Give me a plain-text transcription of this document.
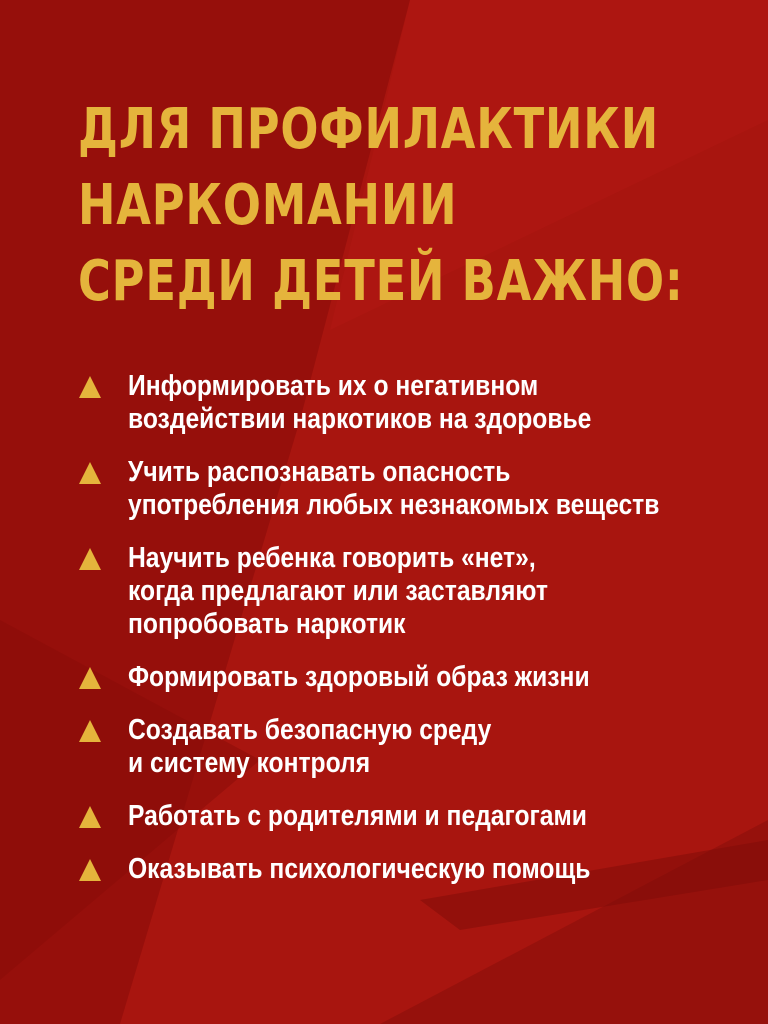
ДЛЯ ПРОФИЛАКТИКИ
НАРКОМАНИИ
СРЕДИ ДЕТЕЙ ВАЖНО:
Информировать их о негативном
воздействии наркотиков на здоровье
Учить распознавать опасность
употребления любых незнакомых веществ
Научить ребенка говорить «нет»,
когда предлагают или заставляют
попробовать наркотик
Формировать здоровый образ жизни
Создавать безопасную среду
и систему контроля
Работать с родителями и педагогами
Оказывать психологическую помощь
